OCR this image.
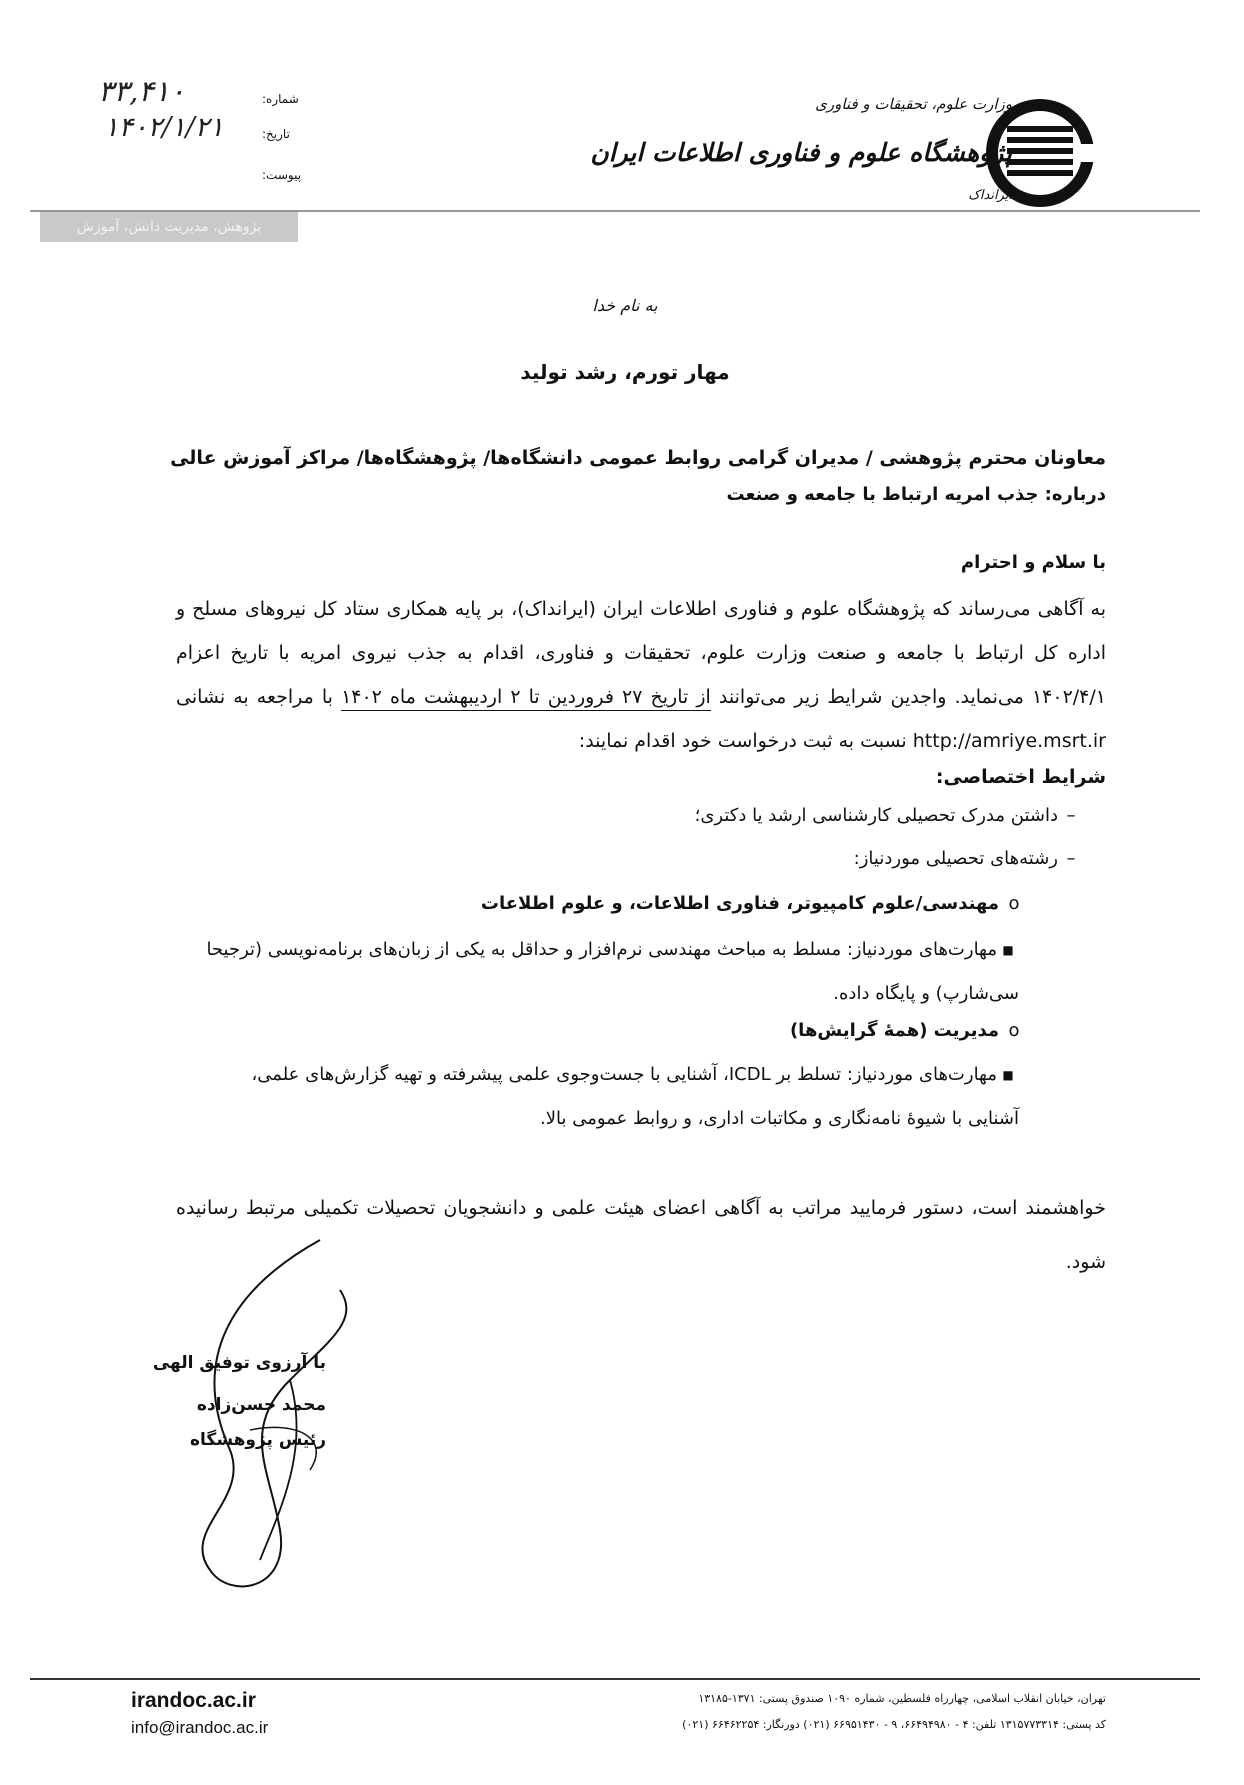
وزارت علوم، تحقیقات و فناوری
پژوهشگاه علوم و فناوری اطلاعات ایران
ایرانداک
شماره:
تاریخ:
پیوست:
۳۳,۴۱۰
۱۴۰۲/۱/۲۱
پژوهش، مدیریت دانش، آموزش
به نام خدا
مهار تورم، رشد تولید
معاونان محترم پژوهشی / مدیران گرامی روابط عمومی دانشگاه‌ها/ پژوهشگاه‌ها/ مراکز آموزش عالی
درباره: جذب امریه ارتباط با جامعه و صنعت
با سلام و احترام
به آگاهی می‌رساند که پژوهشگاه علوم و فناوری اطلاعات ایران (ایرانداک)، بر پایه همکاری ستاد کل نیروهای مسلح و اداره کل ارتباط با جامعه و صنعت وزارت علوم، تحقیقات و فناوری، اقدام به جذب نیروی امریه با تاریخ اعزام ۱۴۰۲/۴/۱ می‌نماید. واجدین شرایط زیر می‌توانند از تاریخ ۲۷ فروردین تا ۲ اردیبهشت ماه ۱۴۰۲ با مراجعه به نشانی http://amriye.msrt.ir نسبت به ثبت درخواست خود اقدام نمایند:
شرایط اختصاصی:
–داشتن مدرک تحصیلی کارشناسی ارشد یا دکتری؛
–رشته‌های تحصیلی موردنیاز:
oمهندسی/علوم کامپیوتر، فناوری اطلاعات، و علوم اطلاعات
■مهارت‌های موردنیاز: مسلط به مباحث مهندسی نرم‌افزار و حداقل به یکی از زبان‌های برنامه‌نویسی (ترجیحا سی‌شارپ) و پایگاه داده.
oمدیریت (همهٔ گرایش‌ها)
■مهارت‌های موردنیاز: تسلط بر ICDL، آشنایی با جست‌وجوی علمی پیشرفته و تهیه گزارش‌های علمی، آشنایی با شیوهٔ نامه‌نگاری و مکاتبات اداری، و روابط عمومی بالا.
خواهشمند است، دستور فرمایید مراتب به آگاهی اعضای هیئت علمی و دانشجویان تحصیلات تکمیلی مرتبط رسانیده شود.
با آرزوی توفیق الهی
محمد حسن‌زاده
رئیس پژوهشگاه
irandoc.ac.ir
info@irandoc.ac.ir
تهران، خیابان انقلاب اسلامی، چهارراه فلسطین، شماره ۱۰۹۰ صندوق پستی: ۱۳۷۱-۱۳۱۸۵
کد پستی: ۱۳۱۵۷۷۳۳۱۴ تلفن: ۴ - ۶۶۴۹۴۹۸۰، ۹ - ۶۶۹۵۱۴۳۰ (۰۲۱) دورنگار: ۶۶۴۶۲۲۵۴ (۰۲۱)
